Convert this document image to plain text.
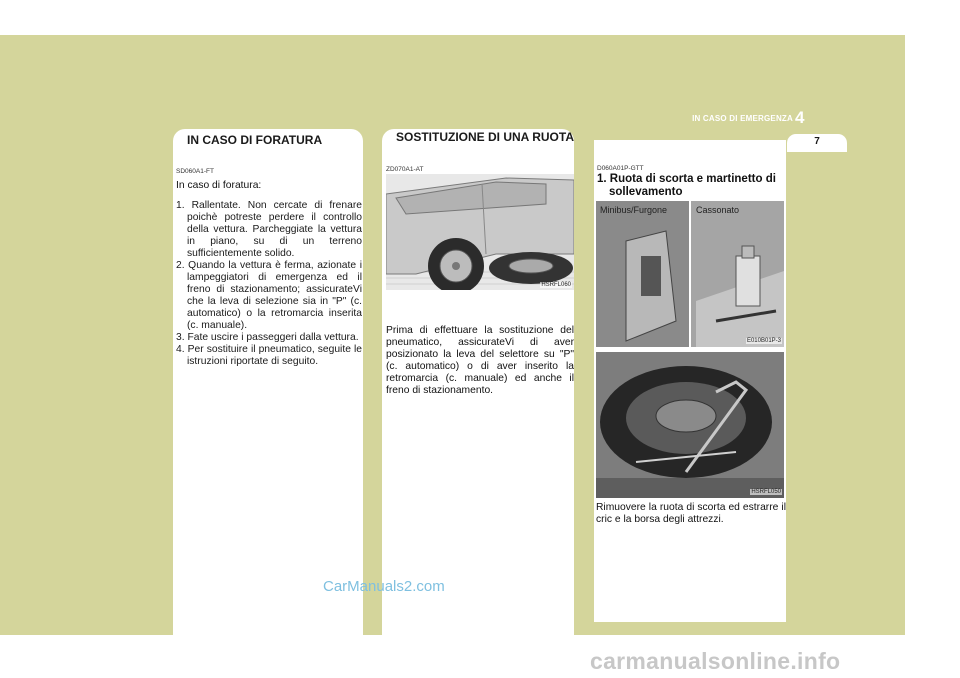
IN CASO DI EMERGENZA 4
7
IN CASO DI FORATURA
SD060A1-FT
In caso di foratura:
1. Rallentate. Non cercate di frenare poichè potreste perdere il controllo della vettura. Parcheggiate la vettura in piano, su di un terreno sufficientemente solido.
2. Quando la vettura è ferma, azionate i lampeggiatori di emergenza ed il freno di stazionamento; assicurateVi che la leva di selezione sia in "P" (c. automatico) o la retromarcia inserita (c. manuale).
3. Fate uscire i passeggeri dalla vettura.
4. Per sostituire il pneumatico, seguite le istruzioni riportate di seguito.
SOSTITUZIONE DI UNA RUOTA
ZD070A1-AT
HSRFL060
Prima di effettuare la sostituzione del pneumatico, assicurateVi di aver posizionato la leva del selettore su "P" (c. automatico) o di aver inserito la retromarcia (c. manuale) ed anche il freno di stazionamento.
D060A01P-GTT
1. Ruota di scorta e martinetto di sollevamento
Minibus/Furgone	Cassonato
E010B01P-3
HSRFL050
Rimuovere la ruota di scorta ed estrarre il cric e la borsa degli attrezzi.
CarManuals2.com
carmanualsonline.info
